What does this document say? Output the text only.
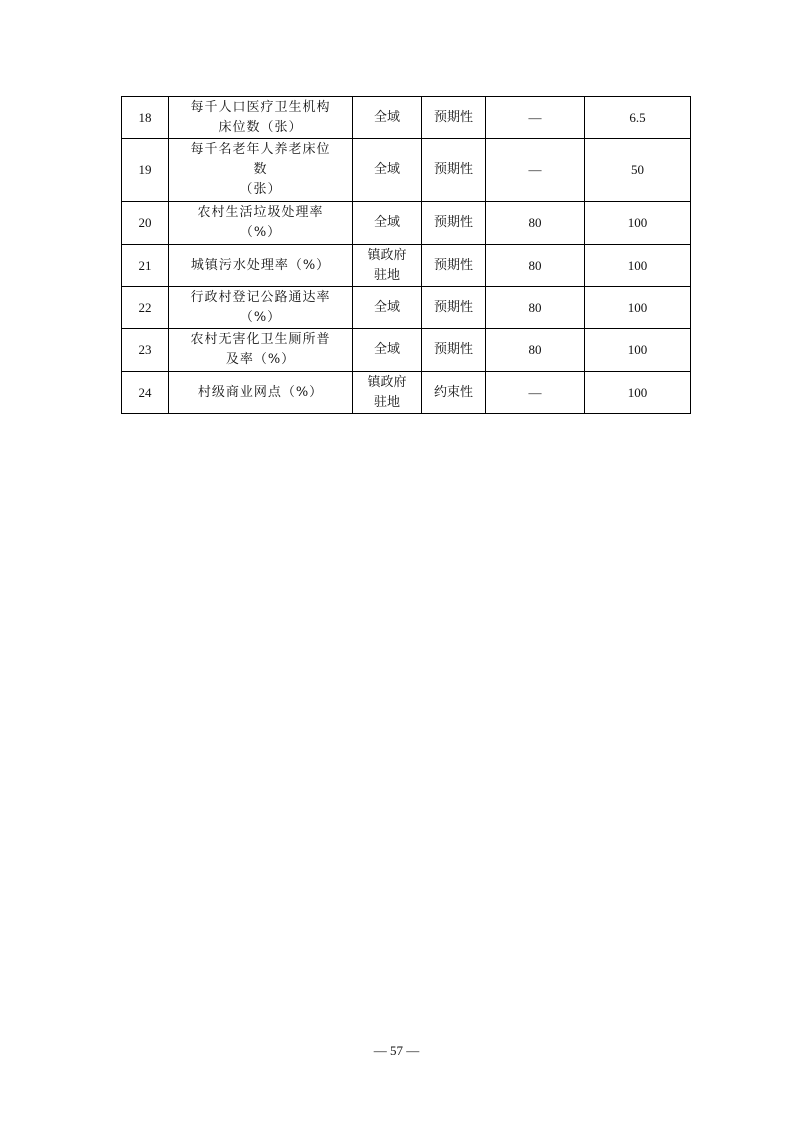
18	每千人口医疗卫生机构
床位数（张）	全域	预期性	—	6.5
19	每千名老年人养老床位
数
（张）	全域	预期性	—	50
20	农村生活垃圾处理率
（%）	全域	预期性	80	100
21	城镇污水处理率（%）	镇政府
驻地	预期性	80	100
22	行政村登记公路通达率
（%）	全域	预期性	80	100
23	农村无害化卫生厕所普
及率（%）	全域	预期性	80	100
24	村级商业网点（%）	镇政府
驻地	约束性	—	100
— 57 —
